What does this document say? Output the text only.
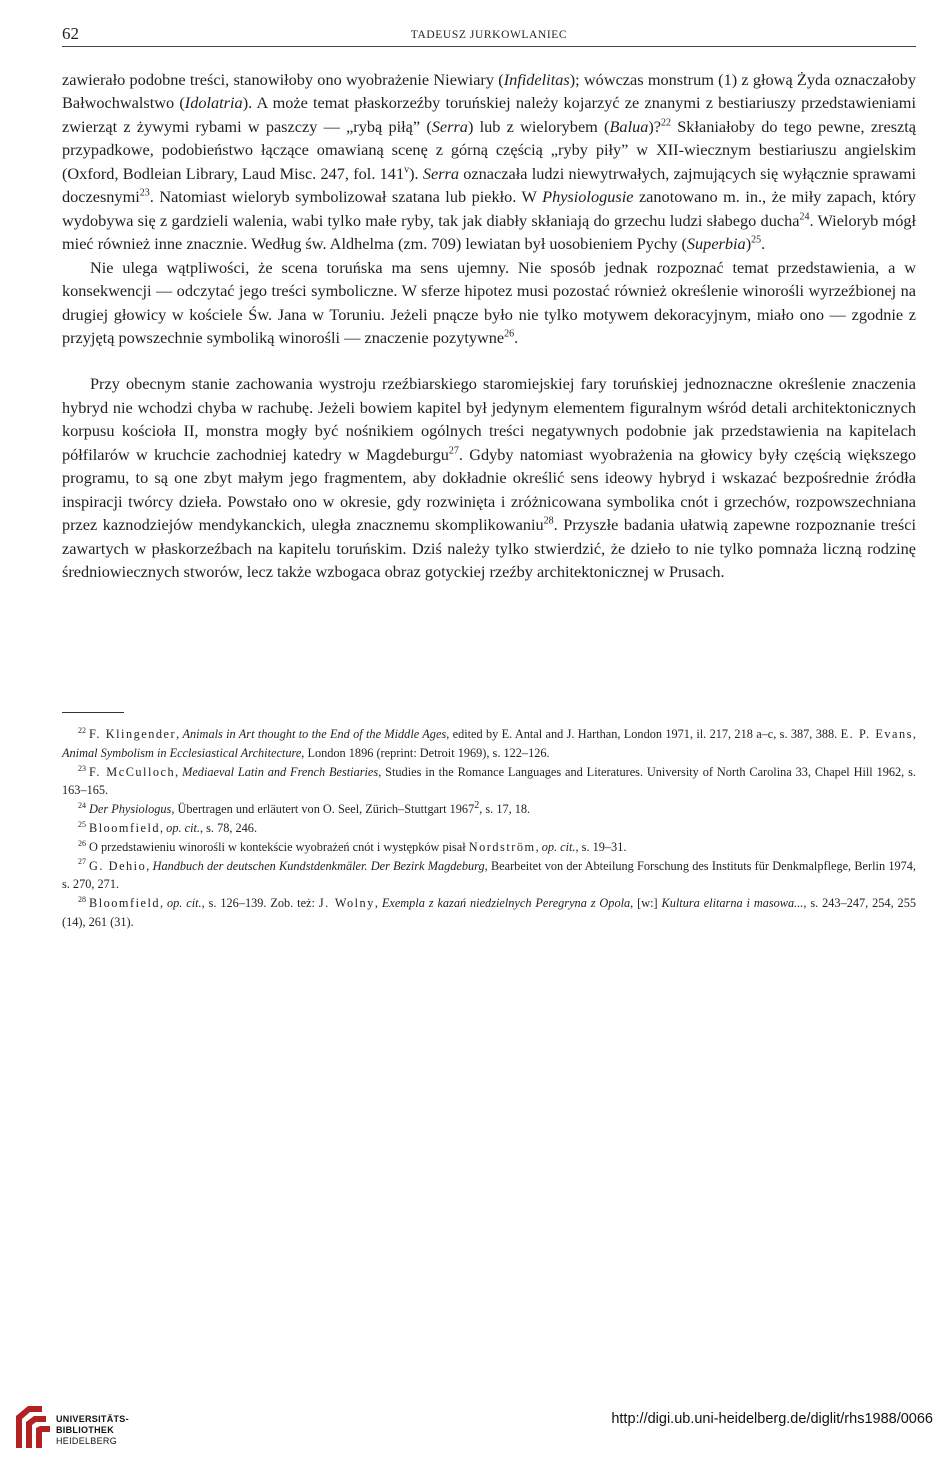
62	TADEUSZ JURKOWLANIEC

zawierało podobne treści, stanowiłoby ono wyobrażenie Niewiary (Infidelitas); wówczas monstrum (1) z głową Żyda oznaczałoby Bałwochwalstwo (Idolatria). A może temat płaskorzeźby toruńskiej należy kojarzyć ze znanymi z bestiariuszy przedstawieniami zwierząt z żywymi rybami w paszczy — „rybą piłą” (Serra) lub z wielorybem (Balua)?$^{22}$ Skłaniałoby do tego pewne, zresztą przypadkowe, podobieństwo łączące omawianą scenę z górną częścią „ryby piły” w XII-wiecznym bestiariuszu angielskim (Oxford, Bodleian Library, Laud Misc. 247, fol. 141$^v$). Serra oznaczała ludzi niewytrwałych, zajmujących się wyłącznie sprawami doczesnymi$^{23}$. Natomiast wieloryb symbolizował szatana lub piekło. W Physiologusie zanotowano m. in., że miły zapach, który wydobywa się z gardzieli walenia, wabi tylko małe ryby, tak jak diabły skłaniają do grzechu ludzi słabego ducha$^{24}$. Wieloryb mógł mieć również inne znacznie. Według św. Aldhelma (zm. 709) lewiatan był uosobieniem Pychy (Superbia)$^{25}$.

Nie ulega wątpliwości, że scena toruńska ma sens ujemny. Nie sposób jednak rozpoznać temat przedstawienia, a w konsekwencji — odczytać jego treści symboliczne. W sferze hipotez musi pozostać również określenie winorośli wyrzeźbionej na drugiej głowicy w kościele Św. Jana w Toruniu. Jeżeli pnącze było nie tylko motywem dekoracyjnym, miało ono — zgodnie z przyjętą powszechnie symboliką winorośli — znaczenie pozytywne$^{26}$.

Przy obecnym stanie zachowania wystroju rzeźbiarskiego staromiejskiej fary toruńskiej jednoznaczne określenie znaczenia hybryd nie wchodzi chyba w rachubę. Jeżeli bowiem kapitel był jedynym elementem figuralnym wśród detali architektonicznych korpusu kościoła II, monstra mogły być nośnikiem ogólnych treści negatywnych podobnie jak przedstawienia na kapitelach półfilarów w kruchcie zachodniej katedry w Magdeburgu$^{27}$. Gdyby natomiast wyobrażenia na głowicy były częścią większego programu, to są one zbyt małym jego fragmentem, aby dokładnie określić sens ideowy hybryd i wskazać bezpośrednie źródła inspiracji twórcy dzieła. Powstało ono w okresie, gdy rozwinięta i zróżnicowana symbolika cnót i grzechów, rozpowszechniana przez kaznodziejów mendykanckich, uległa znacznemu skomplikowaniu$^{28}$. Przyszłe badania ułatwią zapewne rozpoznanie treści zawartych w płaskorzeźbach na kapitelu toruńskim. Dziś należy tylko stwierdzić, że dzieło to nie tylko pomnaża liczną rodzinę średniowiecznych stworów, lecz także wzbogaca obraz gotyckiej rzeźby architektonicznej w Prusach.

$^{22}$ F. Klingender, Animals in Art thought to the End of the Middle Ages, edited by E. Antal and J. Harthan, London 1971, il. 217, 218 a–c, s. 387, 388. E. P. Evans, Animal Symbolism in Ecclesiastical Architecture, London 1896 (reprint: Detroit 1969), s. 122–126.
$^{23}$ F. McCulloch, Mediaeval Latin and French Bestiaries, Studies in the Romance Languages and Literatures. University of North Carolina 33, Chapel Hill 1962, s. 163–165.
$^{24}$ Der Physiologus, Übertragen und erläutert von O. Seel, Zürich–Stuttgart 1967$^2$, s. 17, 18.
$^{25}$ Bloomfield, op. cit., s. 78, 246.
$^{26}$ O przedstawieniu winorośli w kontekście wyobrażeń cnót i występków pisał Nordström, op. cit., s. 19–31.
$^{27}$ G. Dehio, Handbuch der deutschen Kundstdenkmäler. Der Bezirk Magdeburg, Bearbeitet von der Abteilung Forschung des Instituts für Denkmalpflege, Berlin 1974, s. 270, 271.
$^{28}$ Bloomfield, op. cit., s. 126–139. Zob. też: J. Wolny, Exempla z kazań niedzielnych Peregryna z Opola, [w:] Kultura elitarna i masowa..., s. 243–247, 254, 255 (14), 261 (31).
UNIVERSITÄTS-
BIBLIOTHEK
HEIDELBERG
http://digi.ub.uni-heidelberg.de/diglit/rhs1988/0066
